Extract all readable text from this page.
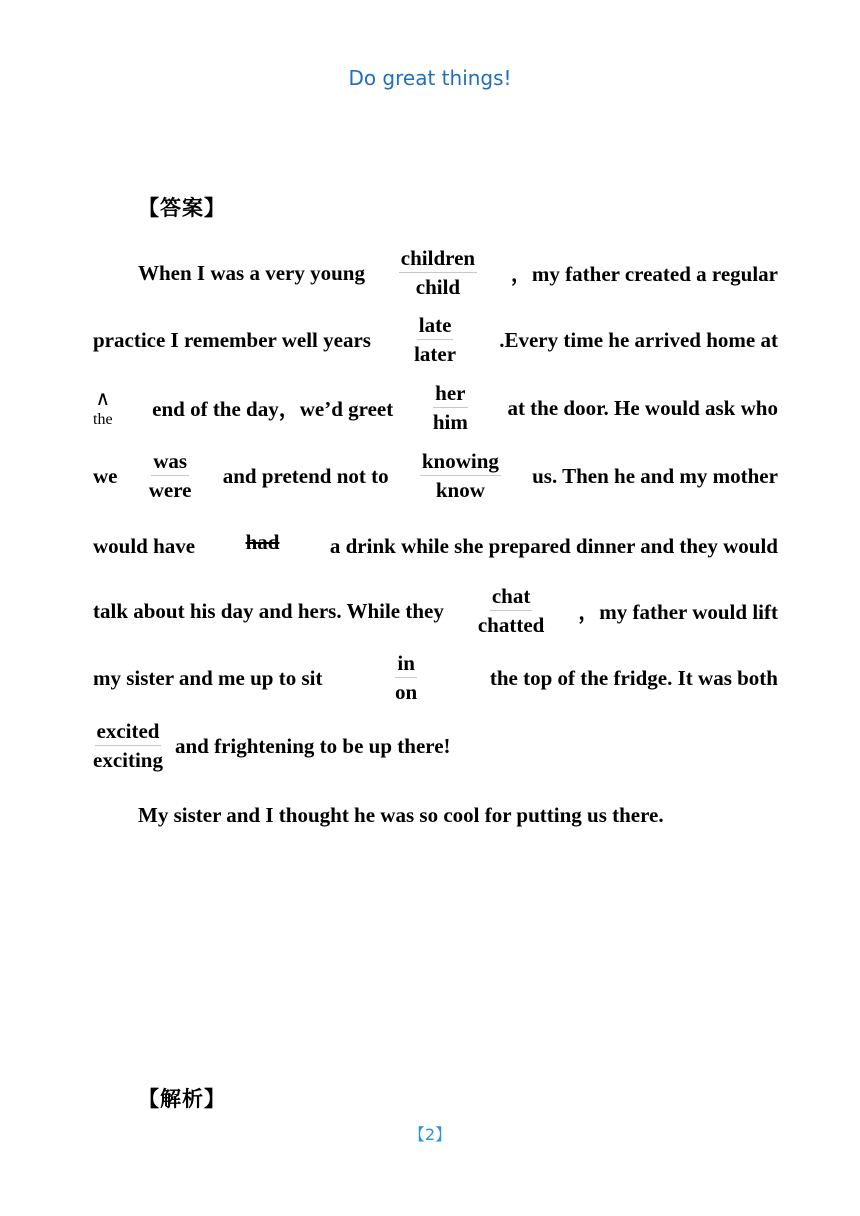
Do great things!
【答案】
When I was a very young $\frac{\text{children}}{\text{child}}$ ，my father created a regular
practice I remember well years $\frac{\text{late}}{\text{later}}$ .Every time he arrived home at
∧
the end of the day，we’d greet $\frac{\text{her}}{\text{him}}$ at the door. He would ask who
we $\frac{\text{was}}{\text{were}}$ and pretend not to $\frac{\text{knowing}}{\text{know}}$ us. Then he and my mother
would have had a drink while she prepared dinner and they would
talk about his day and hers. While they $\frac{\text{chat}}{\text{chatted}}$ ，my father would lift
my sister and me up to sit	$\frac{in}{on}$	the top of the fridge. It was both
$\frac{\text{excited}}{\text{exciting}}$ and frightening to be up there!
My sister and I thought he was so cool for putting us there.
【解析】
【2】
